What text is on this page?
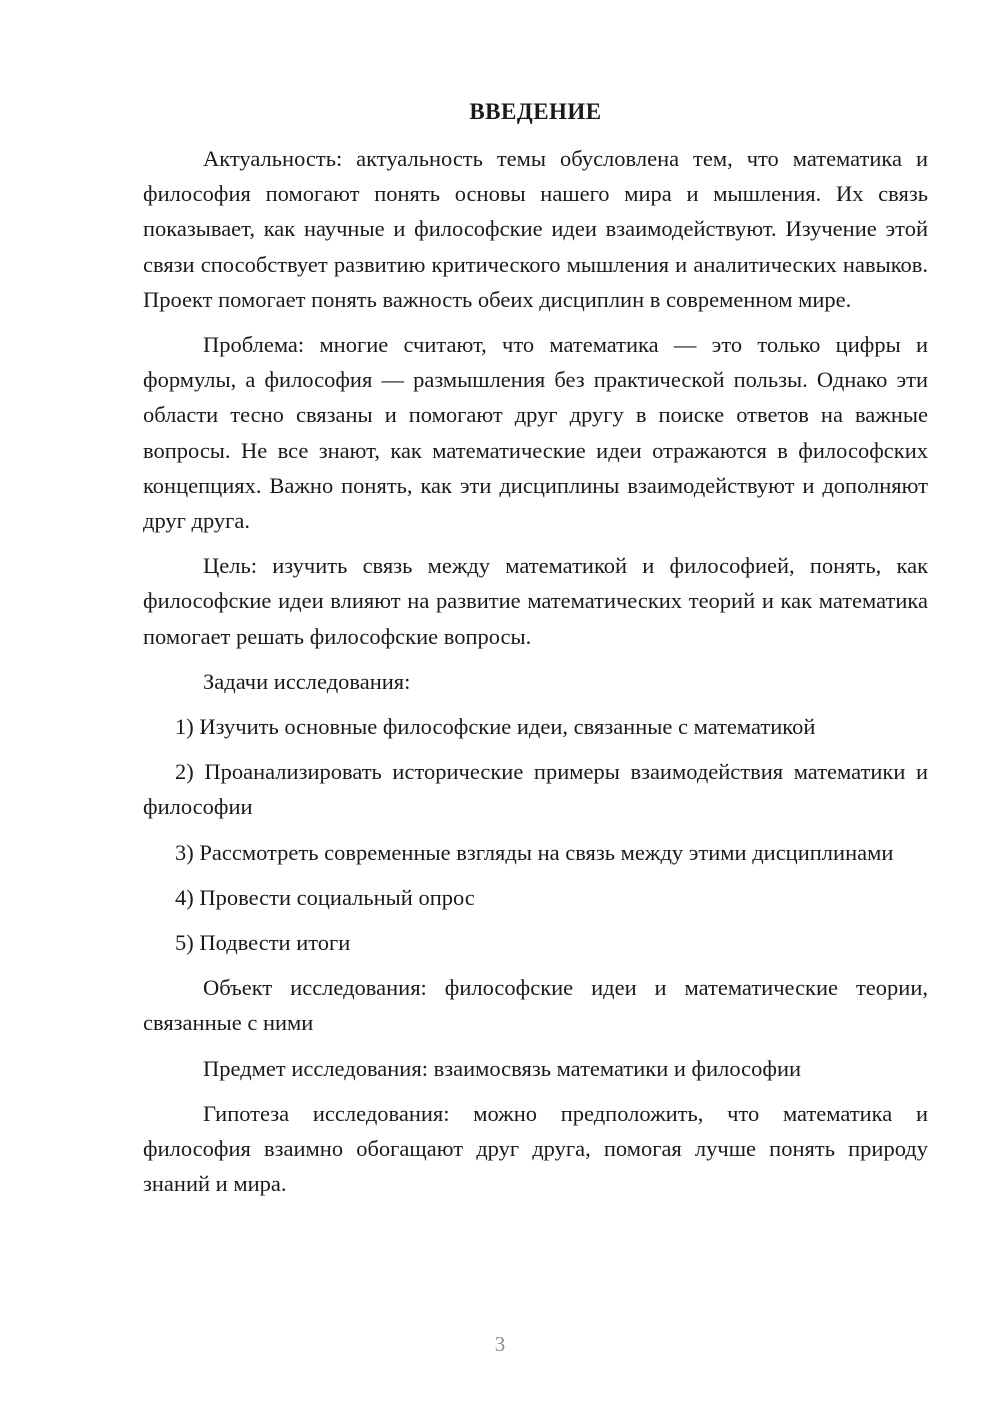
ВВЕДЕНИЕ

Актуальность: актуальность темы обусловлена тем, что математика и философия помогают понять основы нашего мира и мышления. Их связь показывает, как научные и философские идеи взаимодействуют. Изучение этой связи способствует развитию критического мышления и аналитических навыков. Проект помогает понять важность обеих дисциплин в современном мире.

Проблема: многие считают, что математика — это только цифры и формулы, а философия — размышления без практической пользы. Однако эти области тесно связаны и помогают друг другу в поиске ответов на важные вопросы. Не все знают, как математические идеи отражаются в философских концепциях. Важно понять, как эти дисциплины взаимодействуют и дополняют друг друга.

Цель: изучить связь между математикой и философией, понять, как философские идеи влияют на развитие математических теорий и как математика помогает решать философские вопросы.

Задачи исследования:

1) Изучить основные философские идеи, связанные с математикой

2) Проанализировать исторические примеры взаимодействия математики и философии

3) Рассмотреть современные взгляды на связь между этими дисциплинами

4) Провести социальный опрос

5) Подвести итоги

Объект исследования: философские идеи и математические теории, связанные с ними

Предмет исследования: взаимосвязь математики и философии

Гипотеза исследования: можно предположить, что математика и философия взаимно обогащают друг друга, помогая лучше понять природу знаний и мира.

3
